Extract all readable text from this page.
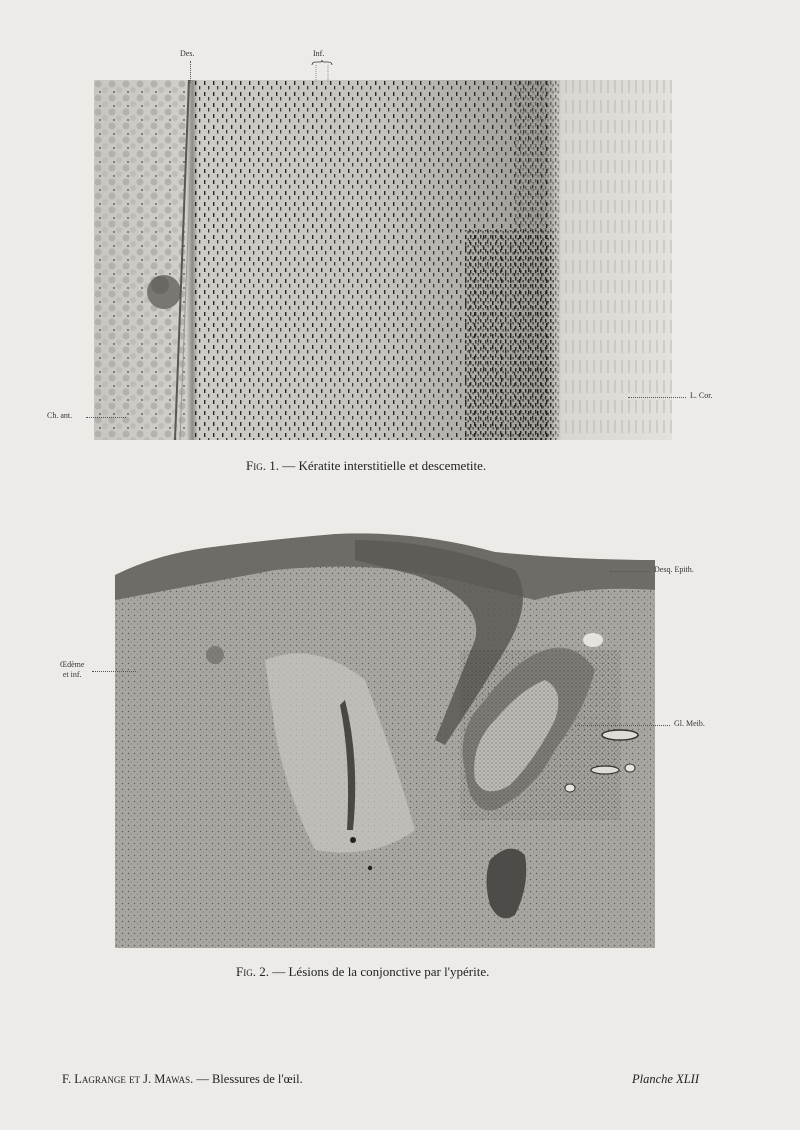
Des.	Inf.
Ch. ant.
L. Cor.
Fig. 1. — Kératite interstitielle et descemetite.
Desq. Epith.
Œdème
et inf.
Gl. Meib.
Fig. 2. — Lésions de la conjonctive par l'ypérite.
F. Lagrange et J. Mawas. — Blessures de l'œil.	Planche XLII
